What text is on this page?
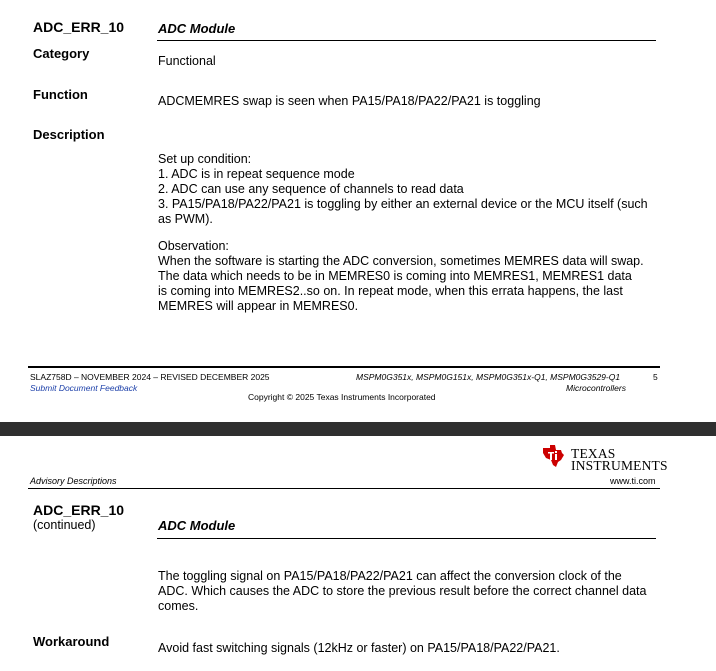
ADC_ERR_10	ADC Module
Category	Functional
Function	ADCMEMRES swap is seen when PA15/PA18/PA22/PA21 is toggling
Description
Set up condition:
1. ADC is in repeat sequence mode
2. ADC can use any sequence of channels to read data
3. PA15/PA18/PA22/PA21 is toggling by either an external device or the MCU itself (such
as PWM).
Observation:
When the software is starting the ADC conversion, sometimes MEMRES data will swap.
The data which needs to be in MEMRES0 is coming into MEMRES1, MEMRES1 data
is coming into MEMRES2..so on. In repeat mode, when this errata happens, the last
MEMRES will appear in MEMRES0.
SLAZ758D – NOVEMBER 2024 – REVISED DECEMBER 2025
Submit Document Feedback
MSPM0G351x, MSPM0G151x, MSPM0G351x-Q1, MSPM0G3529-Q1
Microcontrollers
5
Copyright © 2025 Texas Instruments Incorporated
TEXAS
INSTRUMENTS
www.ti.com
Advisory Descriptions
ADC_ERR_10
(continued)	ADC Module
The toggling signal on PA15/PA18/PA22/PA21 can affect the conversion clock of the
ADC. Which causes the ADC to store the previous result before the correct channel data
comes.
Workaround	Avoid fast switching signals (12kHz or faster) on PA15/PA18/PA22/PA21.
